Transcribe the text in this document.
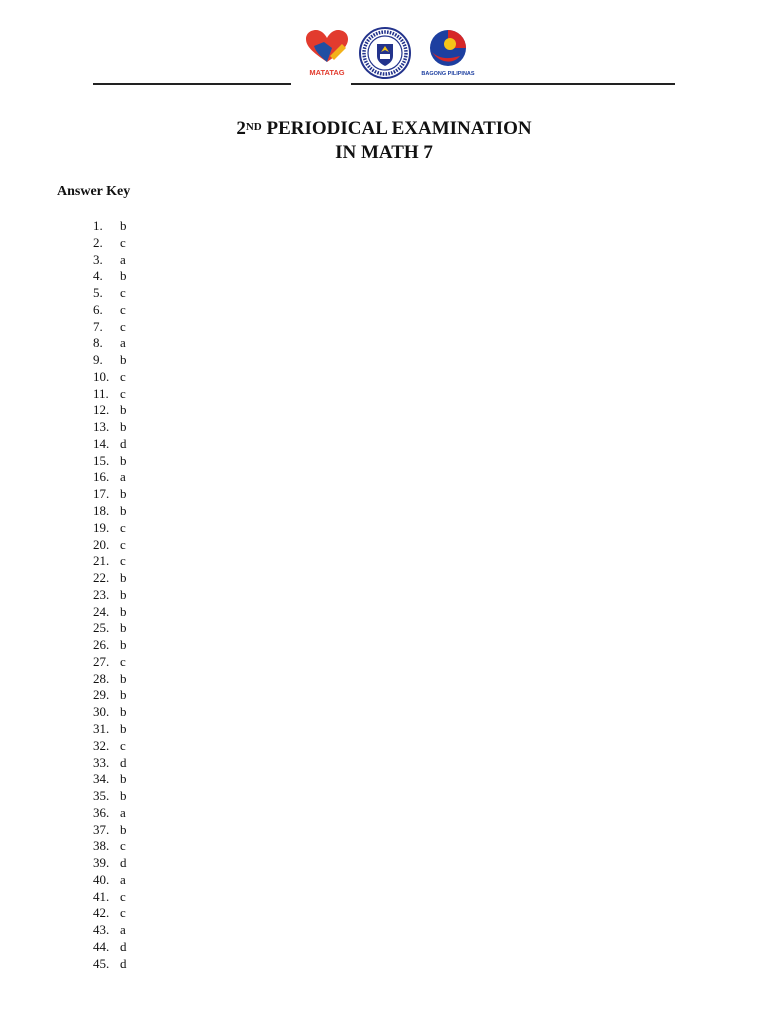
MATATAG	BAGONG PILIPINAS
2ND PERIODICAL EXAMINATION
IN MATH 7
Answer Key
1. b
2. c
3. a
4. b
5. c
6. c
7. c
8. a
9. b
10. c
11. c
12. b
13. b
14. d
15. b
16. a
17. b
18. b
19. c
20. c
21. c
22. b
23. b
24. b
25. b
26. b
27. c
28. b
29. b
30. b
31. b
32. c
33. d
34. b
35. b
36. a
37. b
38. c
39. d
40. a
41. c
42. c
43. a
44. d
45. d
